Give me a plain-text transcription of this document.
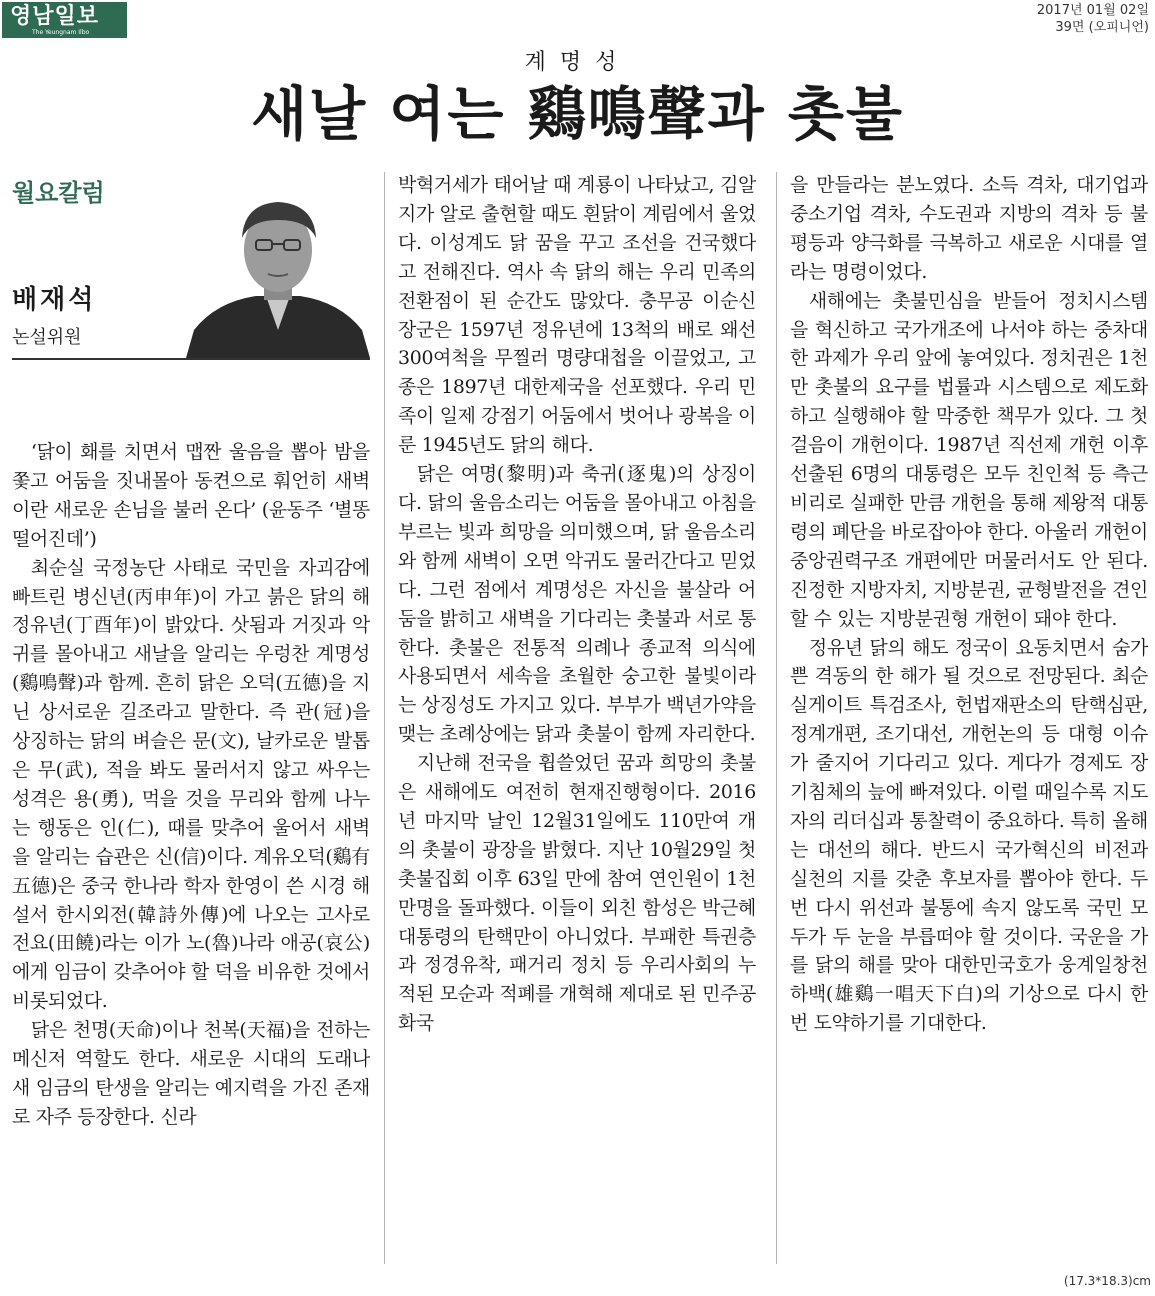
영남일보
The Yeungnam Ilbo
2017년 01월 02일
39면 (오피니언)
계명성
새날 여는 鷄鳴聲과 촛불
월요칼럼
배재석
논설위원

‘닭이 홰를 치면서 맵짠 울음을 뽑아 밤을 쫓고 어둠을 짓내몰아 동켠으로 훠언히 새벽이란 새로운 손님을 불러 온다’ (윤동주 ‘별똥떨어진데’)

최순실 국정농단 사태로 국민을 자괴감에 빠트린 병신년(丙申年)이 가고 붉은 닭의 해 정유년(丁酉年)이 밝았다. 삿됨과 거짓과 악귀를 몰아내고 새날을 알리는 우렁찬 계명성(鷄鳴聲)과 함께. 흔히 닭은 오덕(五德)을 지닌 상서로운 길조라고 말한다. 즉 관(冠)을 상징하는 닭의 벼슬은 문(文), 날카로운 발톱은 무(武), 적을 봐도 물러서지 않고 싸우는 성격은 용(勇), 먹을 것을 무리와 함께 나누는 행동은 인(仁), 때를 맞추어 울어서 새벽을 알리는 습관은 신(信)이다. 계유오덕(鷄有五德)은 중국 한나라 학자 한영이 쓴 시경 해설서 한시외전(韓詩外傳)에 나오는 고사로 전요(田饒)라는 이가 노(魯)나라 애공(哀公)에게 임금이 갖추어야 할 덕을 비유한 것에서 비롯되었다.

닭은 천명(天命)이나 천복(天福)을 전하는 메신저 역할도 한다. 새로운 시대의 도래나 새 임금의 탄생을 알리는 예지력을 가진 존재로 자주 등장한다. 신라

박혁거세가 태어날 때 계룡이 나타났고, 김알지가 알로 출현할 때도 흰닭이 계림에서 울었다. 이성계도 닭 꿈을 꾸고 조선을 건국했다고 전해진다. 역사 속 닭의 해는 우리 민족의 전환점이 된 순간도 많았다. 충무공 이순신 장군은 1597년 정유년에 13척의 배로 왜선 300여척을 무찔러 명량대첩을 이끌었고, 고종은 1897년 대한제국을 선포했다. 우리 민족이 일제 강점기 어둠에서 벗어나 광복을 이룬 1945년도 닭의 해다.

닭은 여명(黎明)과 축귀(逐鬼)의 상징이다. 닭의 울음소리는 어둠을 몰아내고 아침을 부르는 빛과 희망을 의미했으며, 닭 울음소리와 함께 새벽이 오면 악귀도 물러간다고 믿었다. 그런 점에서 계명성은 자신을 불살라 어둠을 밝히고 새벽을 기다리는 촛불과 서로 통한다. 촛불은 전통적 의례나 종교적 의식에 사용되면서 세속을 초월한 숭고한 불빛이라는 상징성도 가지고 있다. 부부가 백년가약을 맺는 초례상에는 닭과 촛불이 함께 자리한다.

지난해 전국을 휩쓸었던 꿈과 희망의 촛불은 새해에도 여전히 현재진행형이다. 2016년 마지막 날인 12월31일에도 110만여 개의 촛불이 광장을 밝혔다. 지난 10월29일 첫 촛불집회 이후 63일 만에 참여 연인원이 1천만명을 돌파했다. 이들이 외친 함성은 박근혜 대통령의 탄핵만이 아니었다. 부패한 특권층과 정경유착, 패거리 정치 등 우리사회의 누적된 모순과 적폐를 개혁해 제대로 된 민주공화국

을 만들라는 분노였다. 소득 격차, 대기업과 중소기업 격차, 수도권과 지방의 격차 등 불평등과 양극화를 극복하고 새로운 시대를 열라는 명령이었다.

새해에는 촛불민심을 받들어 정치시스템을 혁신하고 국가개조에 나서야 하는 중차대한 과제가 우리 앞에 놓여있다. 정치권은 1천만 촛불의 요구를 법률과 시스템으로 제도화하고 실행해야 할 막중한 책무가 있다. 그 첫걸음이 개헌이다. 1987년 직선제 개헌 이후 선출된 6명의 대통령은 모두 친인척 등 측근비리로 실패한 만큼 개헌을 통해 제왕적 대통령의 폐단을 바로잡아야 한다. 아울러 개헌이 중앙권력구조 개편에만 머물러서도 안 된다. 진정한 지방자치, 지방분권, 균형발전을 견인할 수 있는 지방분권형 개헌이 돼야 한다.

정유년 닭의 해도 정국이 요동치면서 숨가쁜 격동의 한 해가 될 것으로 전망된다. 최순실게이트 특검조사, 헌법재판소의 탄핵심판, 정계개편, 조기대선, 개헌논의 등 대형 이슈가 줄지어 기다리고 있다. 게다가 경제도 장기침체의 늪에 빠져있다. 이럴 때일수록 지도자의 리더십과 통찰력이 중요하다. 특히 올해는 대선의 해다. 반드시 국가혁신의 비전과 실천의 지를 갖춘 후보자를 뽑아야 한다. 두 번 다시 위선과 불통에 속지 않도록 국민 모두가 두 눈을 부릅떠야 할 것이다. 국운을 가를 닭의 해를 맞아 대한민국호가 웅계일창천하백(雄鷄一唱天下白)의 기상으로 다시 한번 도약하기를 기대한다.

(17.3*18.3)cm
